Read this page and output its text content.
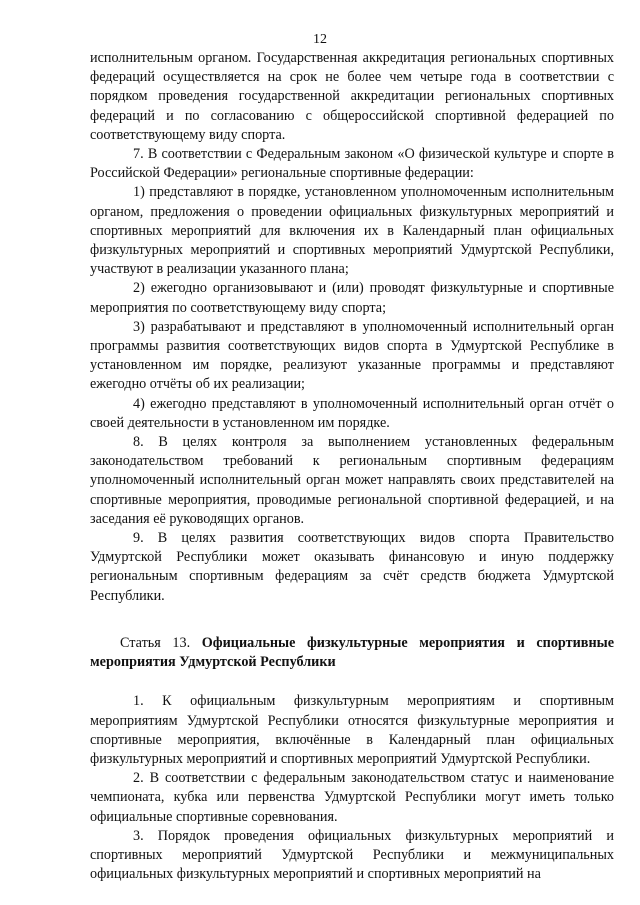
12

исполнительным органом. Государственная аккредитация региональных спортивных федераций осуществляется на срок не более чем четыре года в соответствии с порядком проведения государственной аккредитации региональных спортивных федераций и по согласованию с общероссийской спортивной федерацией по соответствующему виду спорта.

7. В соответствии с Федеральным законом «О физической культуре и спорте в Российской Федерации» региональные спортивные федерации:

1) представляют в порядке, установленном уполномоченным исполнительным органом, предложения о проведении официальных физкультурных мероприятий и спортивных мероприятий для включения их в Календарный план официальных физкультурных мероприятий и спортивных мероприятий Удмуртской Республики, участвуют в реализации указанного плана;

2) ежегодно организовывают и (или) проводят физкультурные и спортивные мероприятия по соответствующему виду спорта;

3) разрабатывают и представляют в уполномоченный исполнительный орган программы развития соответствующих видов спорта в Удмуртской Республике в установленном им порядке, реализуют указанные программы и представляют ежегодно отчёты об их реализации;

4) ежегодно представляют в уполномоченный исполнительный орган отчёт о своей деятельности в установленном им порядке.

8. В целях контроля за выполнением установленных федеральным законодательством требований к региональным спортивным федерациям уполномоченный исполнительный орган может направлять своих представителей на спортивные мероприятия, проводимые региональной спортивной федерацией, и на заседания её руководящих органов.

9. В целях развития соответствующих видов спорта Правительство Удмуртской Республики может оказывать финансовую и иную поддержку региональным спортивным федерациям за счёт средств бюджета Удмуртской Республики.

Статья 13. Официальные физкультурные мероприятия и спортивные мероприятия Удмуртской Республики

1. К официальным физкультурным мероприятиям и спортивным мероприятиям Удмуртской Республики относятся физкультурные мероприятия и спортивные мероприятия, включённые в Календарный план официальных физкультурных мероприятий и спортивных мероприятий Удмуртской Республики.

2. В соответствии с федеральным законодательством статус и наименование чемпионата, кубка или первенства Удмуртской Республики могут иметь только официальные спортивные соревнования.

3. Порядок проведения официальных физкультурных мероприятий и спортивных мероприятий Удмуртской Республики и межмуниципальных официальных физкультурных мероприятий и спортивных мероприятий на
